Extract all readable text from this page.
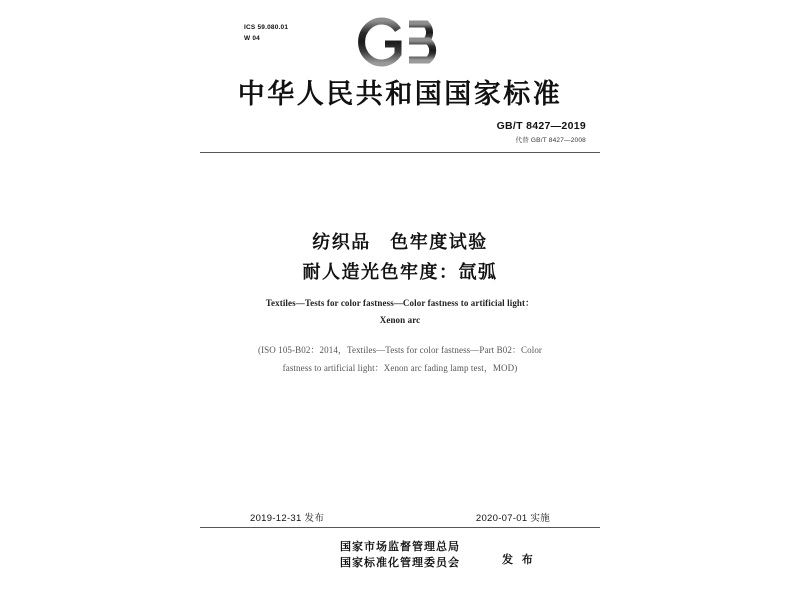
ICS 59.080.01
W 04
中华人民共和国国家标准
GB/T 8427—2019
代替 GB/T 8427—2008
纺织品　色牢度试验
耐人造光色牢度：氙弧
Textiles—Tests for color fastness—Color fastness to artificial light：
Xenon arc
(ISO 105-B02：2014，Textiles—Tests for color fastness—Part B02：Color
fastness to artificial light：Xenon arc fading lamp test，MOD)
2019-12-31 发布	2020-07-01 实施
国家市场监督管理总局
国家标准化管理委员会	发 布
